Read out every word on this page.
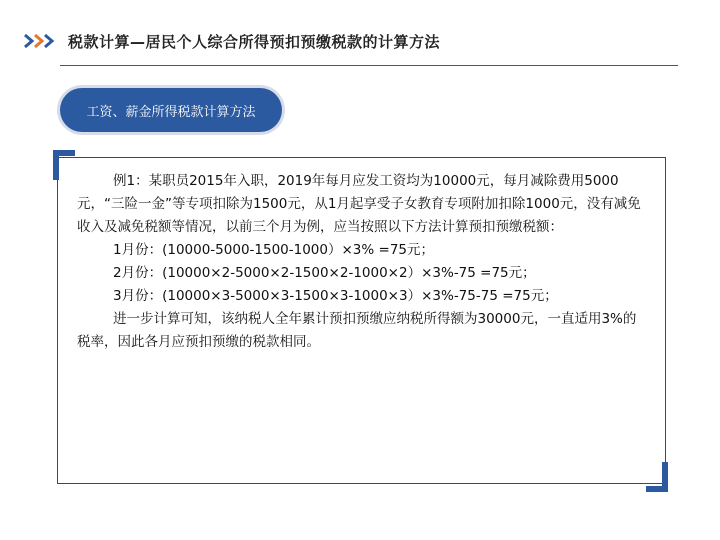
税款计算—居民个人综合所得预扣预缴税款的计算方法
工资、薪金所得税款计算方法

例1：某职员2015年入职，2019年每月应发工资均为10000元，每月减除费用5000元，“三险一金”等专项扣除为1500元，从1月起享受子女教育专项附加扣除1000元，没有减免收入及减免税额等情况，以前三个月为例，应当按照以下方法计算预扣预缴税额：

1月份：(10000-5000-1500-1000）×3% =75元；

2月份：(10000×2-5000×2-1500×2-1000×2）×3%-75 =75元；

3月份：(10000×3-5000×3-1500×3-1000×3）×3%-75-75 =75元；

进一步计算可知，该纳税人全年累计预扣预缴应纳税所得额为30000元，一直适用3%的税率，因此各月应预扣预缴的税款相同。
